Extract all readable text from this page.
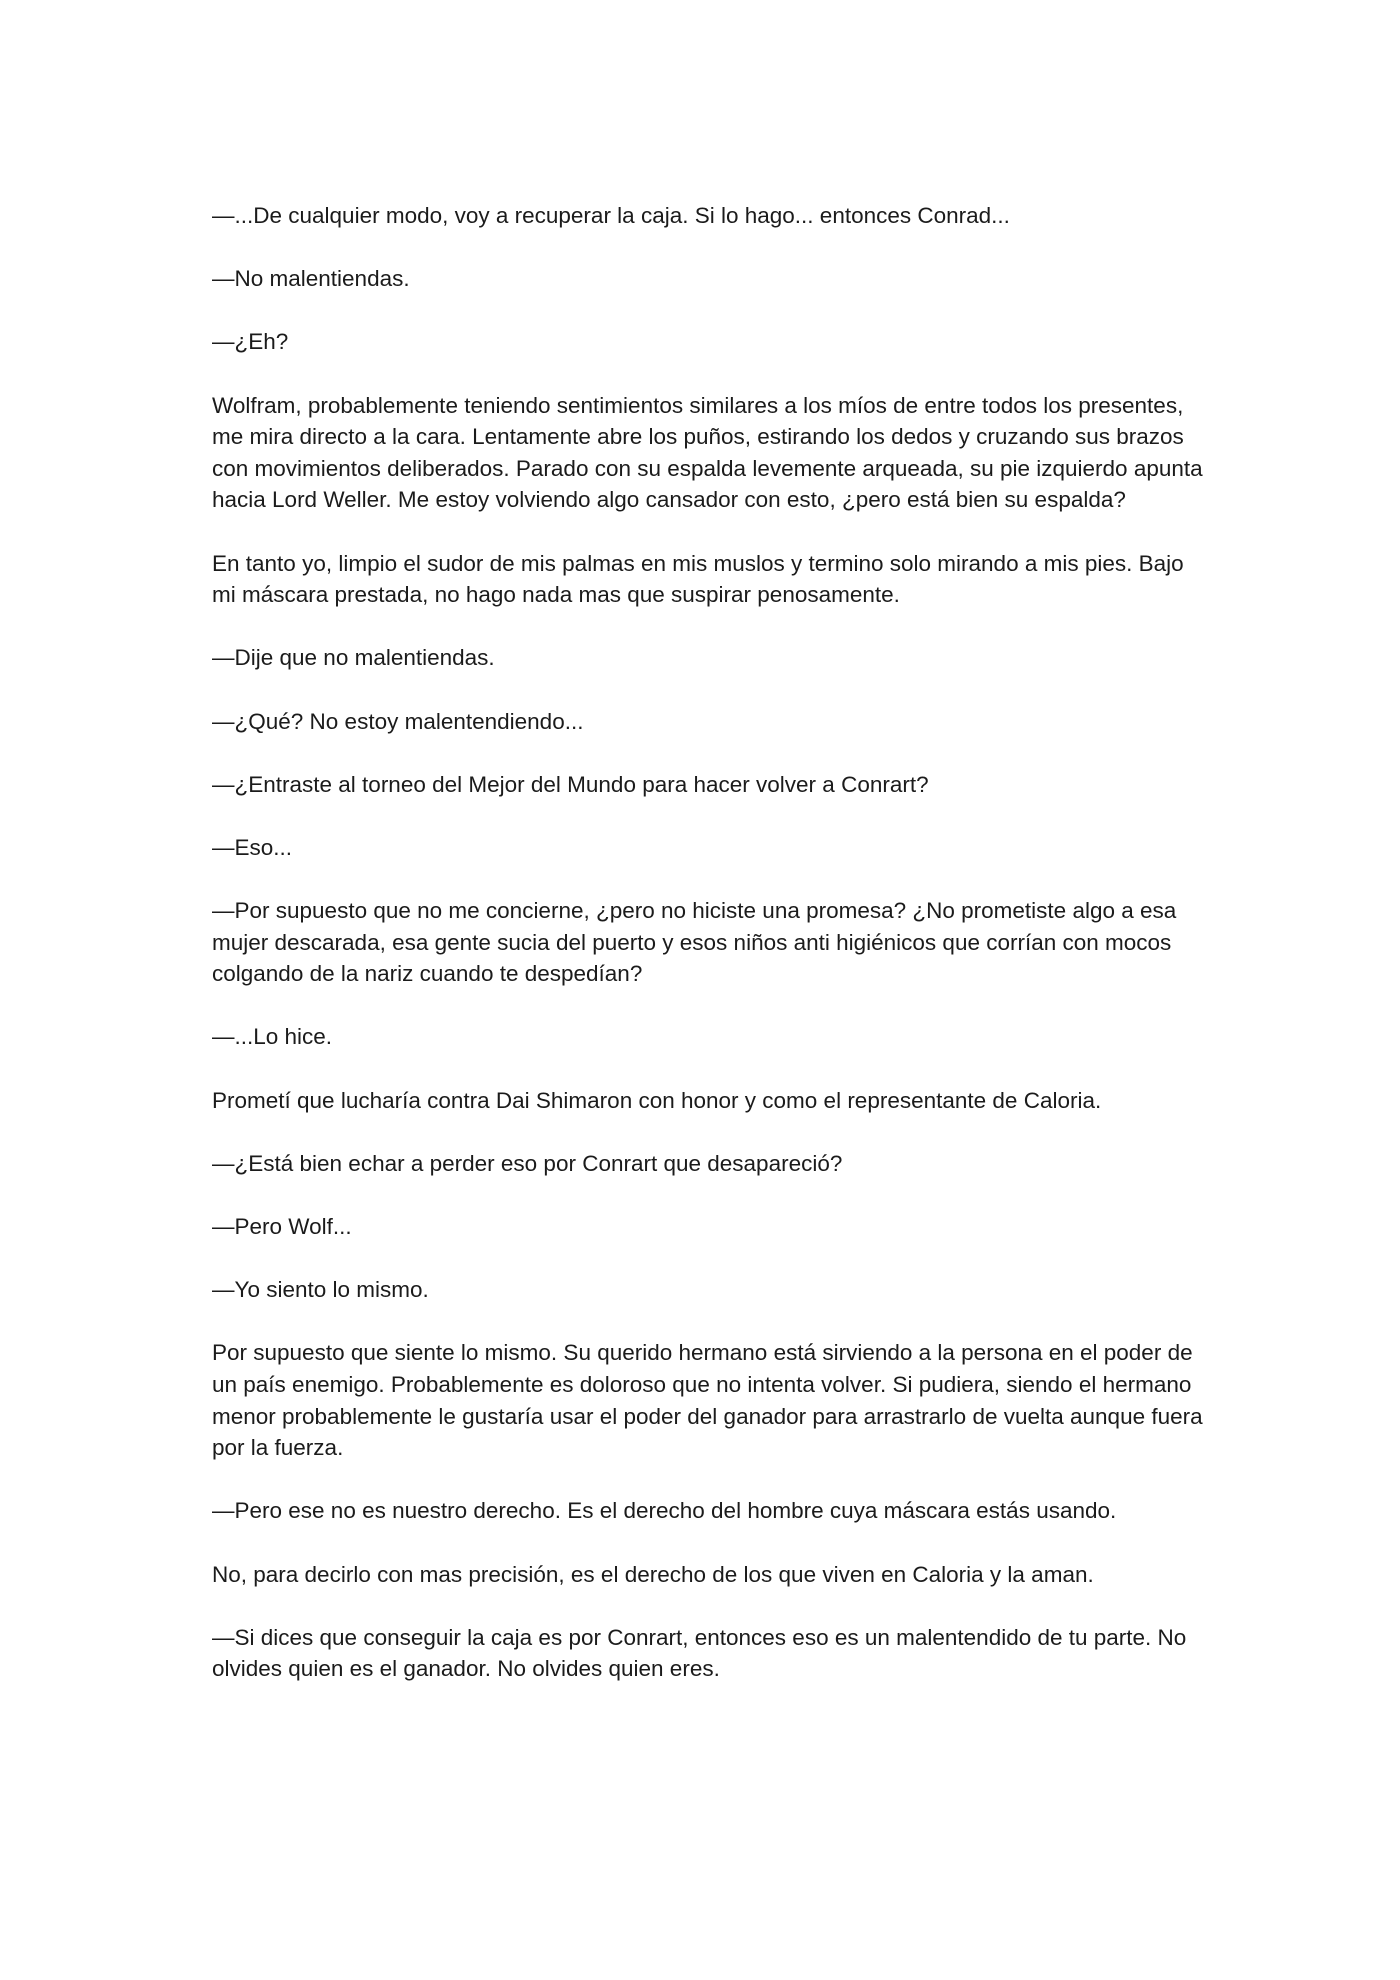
—...De cualquier modo, voy a recuperar la caja. Si lo hago... entonces Conrad...

—No malentiendas.

—¿Eh?

Wolfram, probablemente teniendo sentimientos similares a los míos de entre todos los presentes, me mira directo a la cara. Lentamente abre los puños, estirando los dedos y cruzando sus brazos con movimientos deliberados. Parado con su espalda levemente arqueada, su pie izquierdo apunta hacia Lord Weller. Me estoy volviendo algo cansador con esto, ¿pero está bien su espalda?

En tanto yo, limpio el sudor de mis palmas en mis muslos y termino solo mirando a mis pies. Bajo mi máscara prestada, no hago nada mas que suspirar penosamente.

—Dije que no malentiendas.

—¿Qué? No estoy malentendiendo...

—¿Entraste al torneo del Mejor del Mundo para hacer volver a Conrart?

—Eso...

—Por supuesto que no me concierne, ¿pero no hiciste una promesa? ¿No prometiste algo a esa mujer descarada, esa gente sucia del puerto y esos niños anti higiénicos que corrían con mocos colgando de la nariz cuando te despedían?

—...Lo hice.

Prometí que lucharía contra Dai Shimaron con honor y como el representante de Caloria.

—¿Está bien echar a perder eso por Conrart que desapareció?

—Pero Wolf...

—Yo siento lo mismo.

Por supuesto que siente lo mismo. Su querido hermano está sirviendo a la persona en el poder de un país enemigo. Probablemente es doloroso que no intenta volver. Si pudiera, siendo el hermano menor probablemente le gustaría usar el poder del ganador para arrastrarlo de vuelta aunque fuera por la fuerza.

—Pero ese no es nuestro derecho. Es el derecho del hombre cuya máscara estás usando.

No, para decirlo con mas precisión, es el derecho de los que viven en Caloria y la aman.

—Si dices que conseguir la caja es por Conrart, entonces eso es un malentendido de tu parte. No olvides quien es el ganador. No olvides quien eres.
